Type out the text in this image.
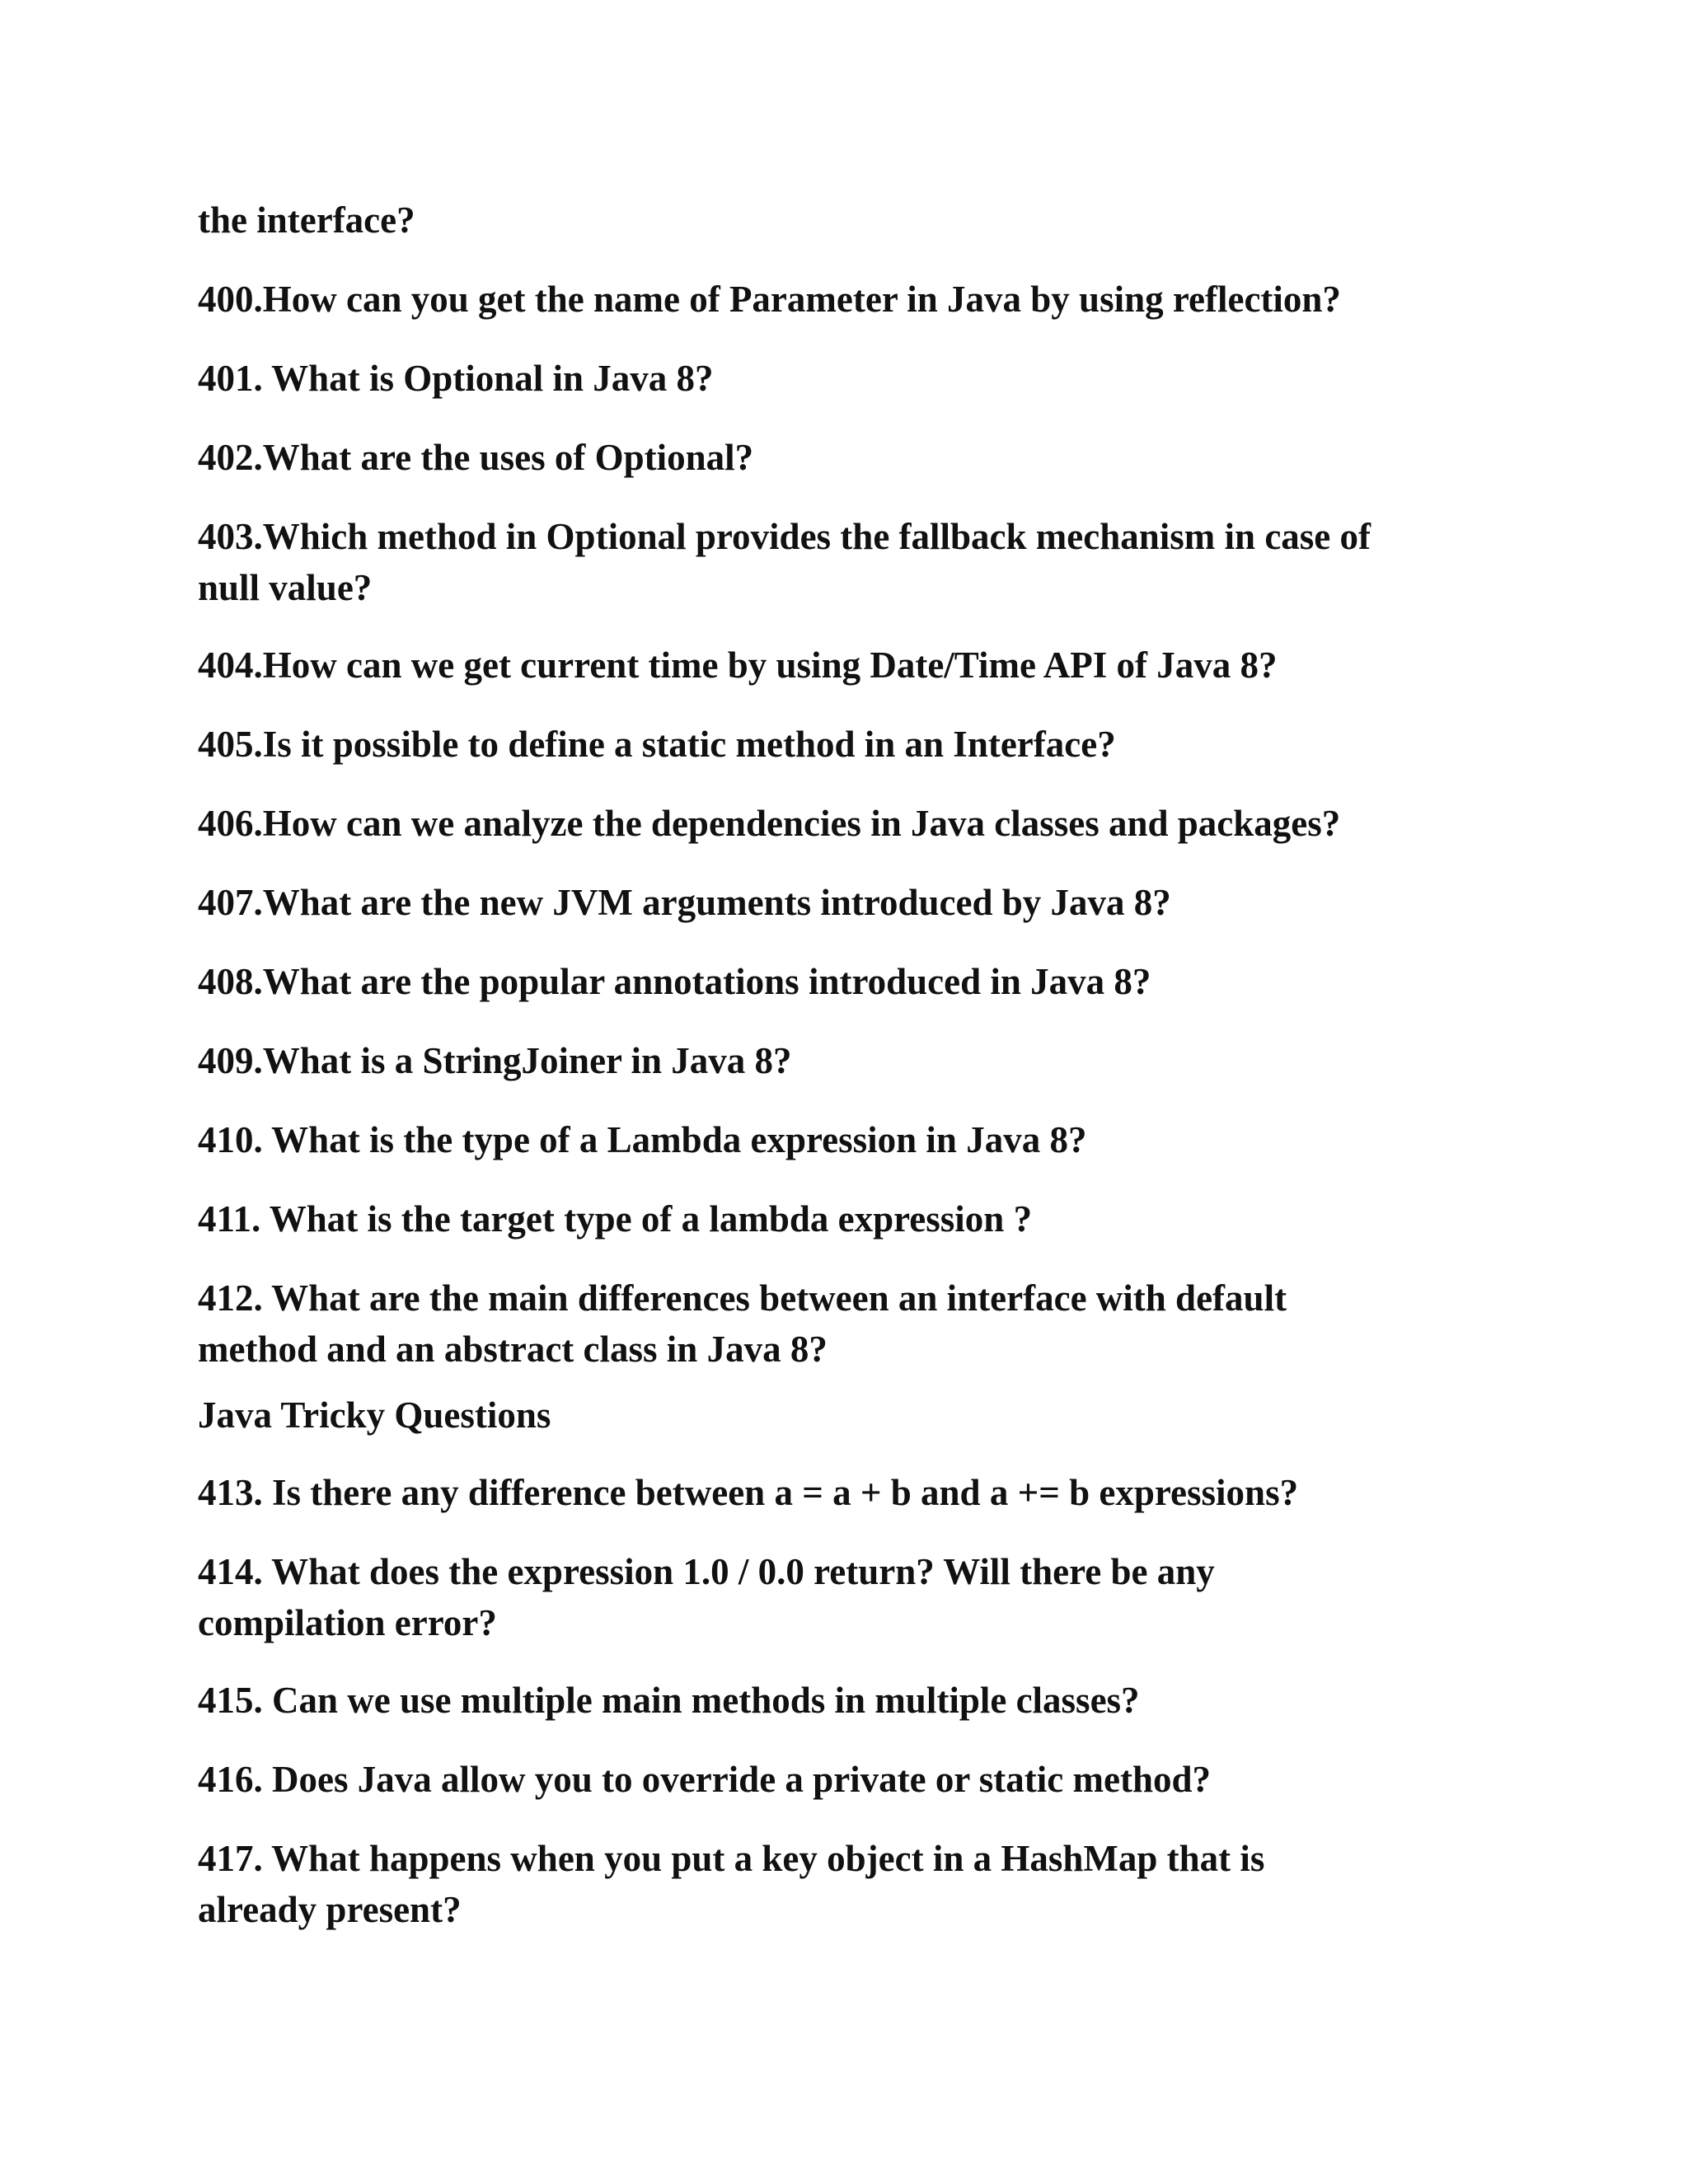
the interface?
400.How can you get the name of Parameter in Java by using reflection?
401. What is Optional in Java 8?
402.What are the uses of Optional?
403.Which method in Optional provides the fallback mechanism in case of
null value?
404.How can we get current time by using Date/Time API of Java 8?
405.Is it possible to define a static method in an Interface?
406.How can we analyze the dependencies in Java classes and packages?
407.What are the new JVM arguments introduced by Java 8?
408.What are the popular annotations introduced in Java 8?
409.What is a StringJoiner in Java 8?
410. What is the type of a Lambda expression in Java 8?
411. What is the target type of a lambda expression ?
412. What are the main differences between an interface with default
method and an abstract class in Java 8?
Java Tricky Questions
413. Is there any difference between a = a + b and a += b expressions?
414. What does the expression 1.0 / 0.0 return? Will there be any
compilation error?
415. Can we use multiple main methods in multiple classes?
416. Does Java allow you to override a private or static method?
417. What happens when you put a key object in a HashMap that is
already present?
